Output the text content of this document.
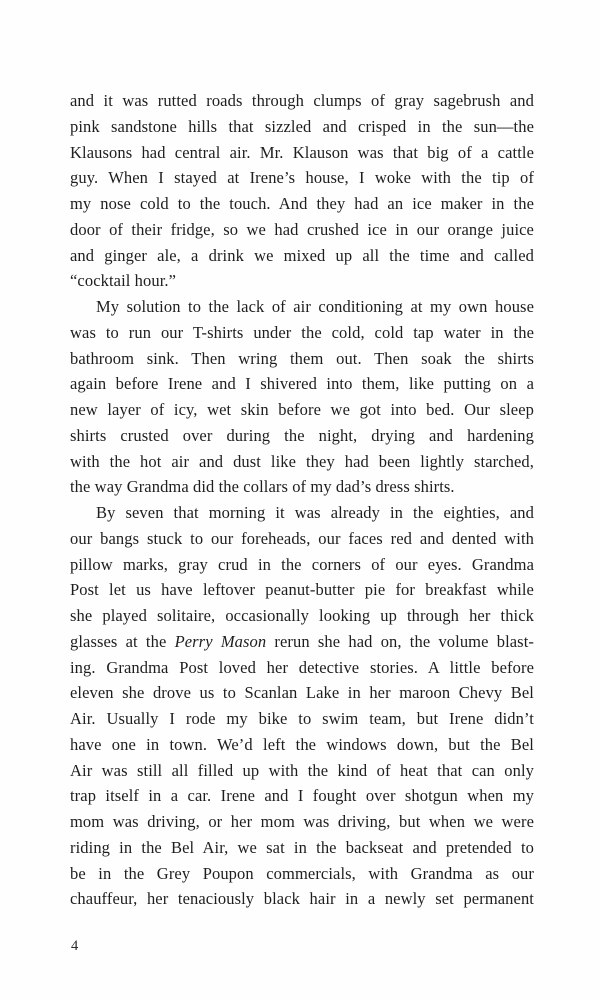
and it was rutted roads through clumps of gray sagebrush and
pink sandstone hills that sizzled and crisped in the sun—the
Klausons had central air. Mr. Klauson was that big of a cattle
guy. When I stayed at Irene’s house, I woke with the tip of
my nose cold to the touch. And they had an ice maker in the
door of their fridge, so we had crushed ice in our orange juice
and ginger ale, a drink we mixed up all the time and called
“cocktail hour.”
My solution to the lack of air conditioning at my own house
was to run our T-shirts under the cold, cold tap water in the
bathroom sink. Then wring them out. Then soak the shirts
again before Irene and I shivered into them, like putting on a
new layer of icy, wet skin before we got into bed. Our sleep
shirts crusted over during the night, drying and hardening
with the hot air and dust like they had been lightly starched,
the way Grandma did the collars of my dad’s dress shirts.
By seven that morning it was already in the eighties, and
our bangs stuck to our foreheads, our faces red and dented with
pillow marks, gray crud in the corners of our eyes. Grandma
Post let us have leftover peanut-butter pie for breakfast while
she played solitaire, occasionally looking up through her thick
glasses at the Perry Mason rerun she had on, the volume blast-
ing. Grandma Post loved her detective stories. A little before
eleven she drove us to Scanlan Lake in her maroon Chevy Bel
Air. Usually I rode my bike to swim team, but Irene didn’t
have one in town. We’d left the windows down, but the Bel
Air was still all filled up with the kind of heat that can only
trap itself in a car. Irene and I fought over shotgun when my
mom was driving, or her mom was driving, but when we were
riding in the Bel Air, we sat in the backseat and pretended to
be in the Grey Poupon commercials, with Grandma as our
chauffeur, her tenaciously black hair in a newly set permanent
4
